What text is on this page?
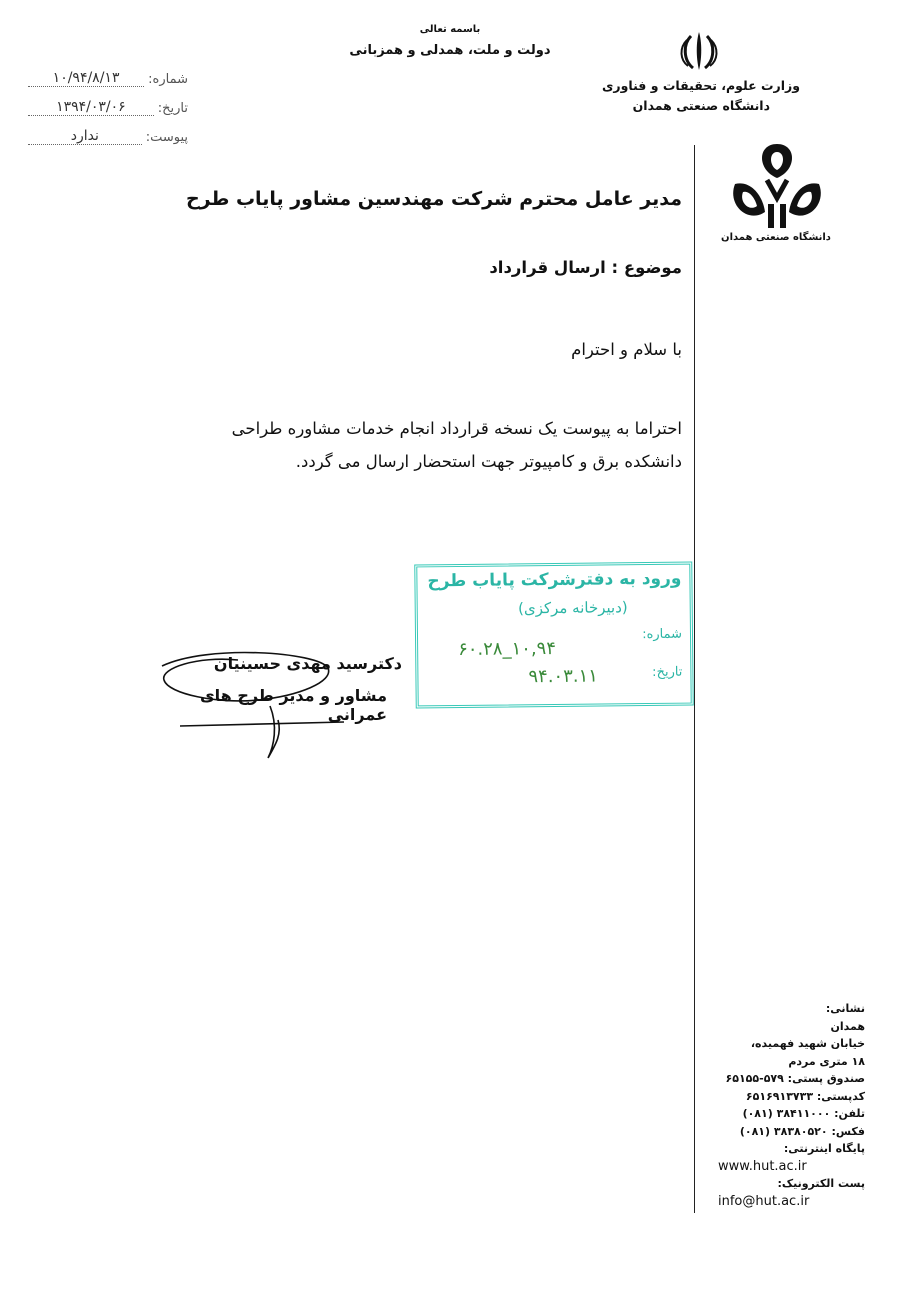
باسمه تعالی
دولت و ملت، همدلی و همزبانی
شماره:
۱۰/۹۴/۸/۱۳
تاریخ:
۱۳۹۴/۰۳/۰۶
پیوست:
ندارد
وزارت علوم، تحقیقات و فناوری
دانشگاه صنعتی همدان
دانشگاه صنعتی همدان
مدیر عامل محترم شرکت مهندسین مشاور پایاب طرح
موضوع : ارسال قرارداد
با سلام و احترام
احتراما به پیوست یک نسخه قرارداد انجام خدمات مشاوره طراحی
دانشکده برق و کامپیوتر جهت استحضار ارسال می گردد.
ورود به دفترشرکت پایاب طرح
(دبیرخانه مرکزی)
شماره:
۱۰,۹۴_۶۰.۲۸
تاریخ:
۹۴.۰۳.۱۱
دکترسید مهدی حسینیان
مشاور و مدیر طرح های عمرانی
نشانی:
همدان
خیابان شهید فهمیده،
۱۸ متری مردم
صندوق پستی: ۵۷۹-۶۵۱۵۵
کدپستی: ۶۵۱۶۹۱۳۷۳۳
تلفن: ۳۸۴۱۱۰۰۰ (۰۸۱)
فکس: ۳۸۳۸۰۵۲۰ (۰۸۱)
پایگاه اینترنتی:
www.hut.ac.ir
پست الکترونیک:
info@hut.ac.ir
